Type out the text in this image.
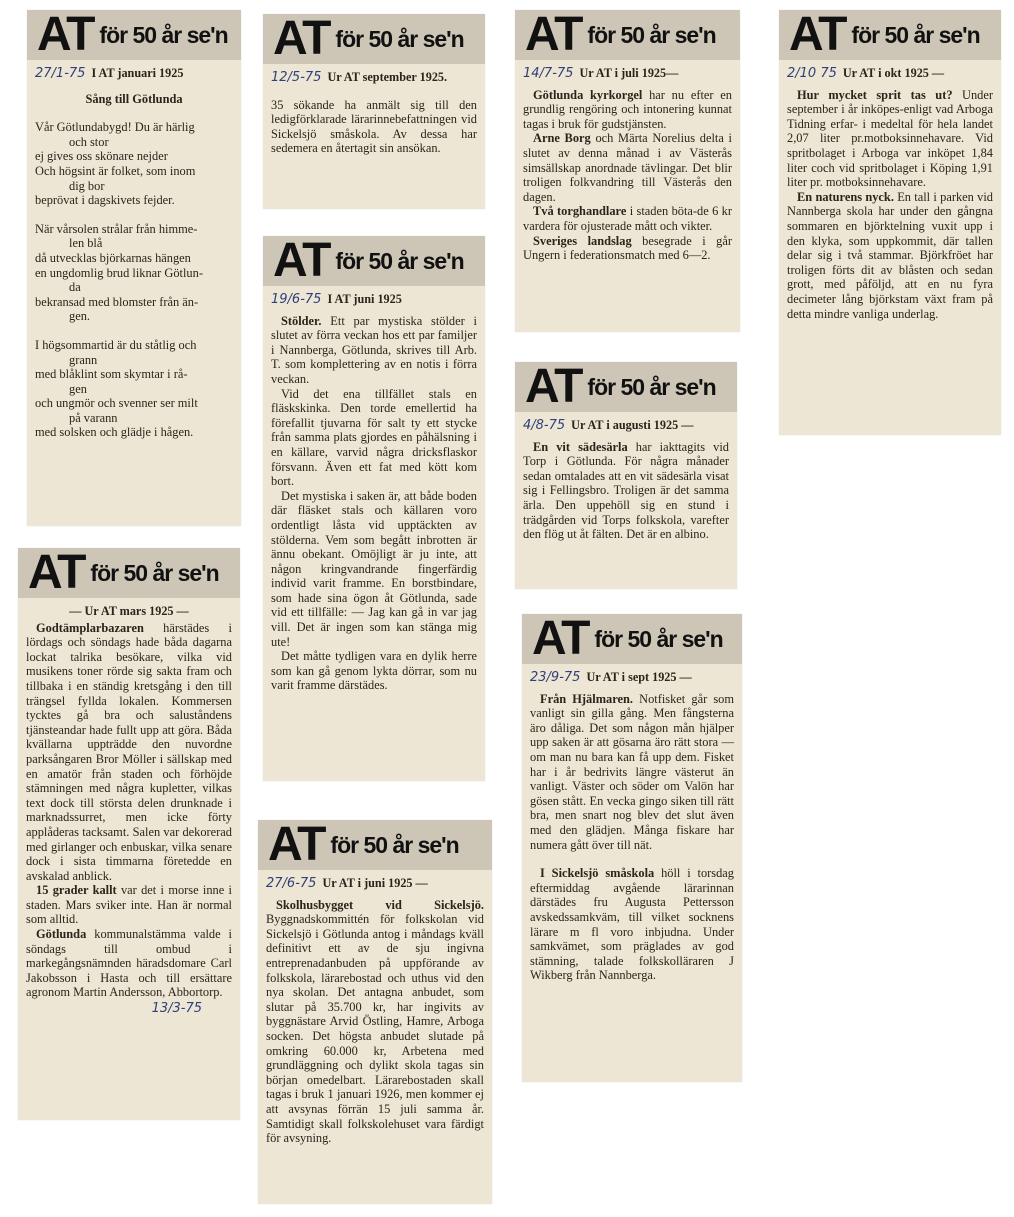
AT för 50 år se'n
27/1-75 I AT januari 1925
Sång till Götlunda
Vår Götlundabygd! Du är härlig
och stor
ej gives oss skönare nejder
Och högsint är folket, som inom
dig bor
beprövat i dagskivets fejder.
När vårsolen strålar från himme-
len blå
då utvecklas björkarnas hängen
en ungdomlig brud liknar Götlun-
da
bekransad med blomster från än-
gen.
I högsommartid är du ståtlig och
grann
med blåklint som skymtar i rå-
gen
och ungmör och svenner ser milt
på varann
med solsken och glädje i hågen.
AT för 50 år se'n
12/5-75 Ur AT september 1925.

35 sökande ha anmält sig till den ledigförklarade lärarinnebefattningen vid Sickelsjö småskola. Av dessa har sedemera en återtagit sin ansökan.

AT för 50 år se'n
14/7-75 Ur AT i juli 1925—

Götlunda kyrkorgel har nu efter en grundlig rengöring och intonering kunnat tagas i bruk för gudstjänsten.

Arne Borg och Märta Norelius delta i slutet av denna månad i av Västerås simsällskap anordnade tävlingar. Det blir troligen folkvandring till Västerås den dagen.

Två torghandlare i staden böta-de 6 kr vardera för ojusterade mått och vikter.

Sveriges landslag besegrade i går Ungern i federationsmatch med 6—2.

AT för 50 år se'n
2/10 75 Ur AT i okt 1925 —

Hur mycket sprit tas ut? Under september i år inköpes-enligt vad Arboga Tidning erfar- i medeltal för hela landet 2,07 liter pr.motboksinnehavare. Vid spritbolaget i Arboga var inköpet 1,84 liter coch vid spritbolaget i Köping 1,91 liter pr. motboksinnehavare.

En naturens nyck. En tall i parken vid Nannberga skola har under den gångna sommaren en björktelning vuxit upp i den klyka, som uppkommit, där tallen delar sig i två stammar. Björkfröet har troligen förts dit av blåsten och sedan grott, med påföljd, att en nu fyra decimeter lång björkstam växt fram på detta mindre vanliga underlag.

AT för 50 år se'n
19/6-75 I AT juni 1925

Stölder. Ett par mystiska stölder i slutet av förra veckan hos ett par familjer i Nannberga, Götlunda, skrives till Arb. T. som komplettering av en notis i förra veckan.

Vid det ena tillfället stals en fläskskinka. Den torde emellertid ha förefallit tjuvarna för salt ty ett stycke från samma plats gjordes en påhälsning i en källare, varvid några dricksflaskor försvann. Även ett fat med kött kom bort.

Det mystiska i saken är, att både boden där fläsket stals och källaren voro ordentligt låsta vid upptäckten av stölderna. Vem som begått inbrotten är ännu obekant. Omöjligt är ju inte, att någon kringvandrande fingerfärdig individ varit framme. En borstbindare, som hade sina ögon åt Götlunda, sade vid ett tillfälle: — Jag kan gå in var jag vill. Det är ingen som kan stänga mig ute!

Det måtte tydligen vara en dylik herre som kan gå genom lykta dörrar, som nu varit framme därstädes.

AT för 50 år se'n
4/8-75 Ur AT i augusti 1925 —

En vit sädesärla har iakttagits vid Torp i Götlunda. För några månader sedan omtalades att en vit sädesärla visat sig i Fellingsbro. Troligen är det samma ärla. Den uppehöll sig en stund i trädgården vid Torps folkskola, varefter den flög ut åt fälten. Det är en albino.

AT för 50 år se'n
— Ur AT mars 1925 —

Godtämplarbazaren härstädes i lördags och söndags hade båda dagarna lockat talrika besökare, vilka vid musikens toner rörde sig sakta fram och tillbaka i en ständig kretsgång i den till trängsel fyllda lokalen. Kommersen tycktes gå bra och saluståndens tjänsteandar hade fullt upp att göra. Båda kvällarna uppträdde den nuvordne parksångaren Bror Möller i sällskap med en amatör från staden och förhöjde stämningen med några kupletter, vilkas text dock till största delen drunknade i marknadssurret, men icke förty applåderas tacksamt. Salen var dekorerad med girlanger och enbuskar, vilka senare dock i sista timmarna företedde en avskalad anblick.

15 grader kallt var det i morse inne i staden. Mars sviker inte. Han är normal som alltid.

Götlunda kommunalstämma valde i söndags till ombud i markegångsnämnden häradsdomare Carl Jakobsson i Hasta och till ersättare agronom Martin Andersson, Abbortorp.

13/3-75
AT för 50 år se'n
23/9-75 Ur AT i sept 1925 —

Från Hjälmaren. Notfisket går som vanligt sin gilla gång. Men fångsterna äro dåliga. Det som någon mån hjälper upp saken är att gösarna äro rätt stora — om man nu bara kan få upp dem. Fisket har i år bedrivits längre västerut än vanligt. Väster och söder om Valön har gösen stått. En vecka gingo siken till rätt bra, men snart nog blev det slut även med den glädjen. Många fiskare har numera gått över till nät.

I Sickelsjö småskola höll i torsdag eftermiddag avgående lärarinnan därstädes fru Augusta Pettersson avskedssamkväm, till vilket socknens lärare m fl voro inbjudna. Under samkvämet, som präglades av god stämning, talade folkskolläraren J Wikberg från Nannberga.

AT för 50 år se'n
27/6-75 Ur AT i juni 1925 —

Skolhusbygget vid Sickelsjö. Byggnadskommittén för folkskolan vid Sickelsjö i Götlunda antog i måndags kväll definitivt ett av de sju ingivna entreprenadanbuden på uppförande av folkskola, lärarebostad och uthus vid den nya skolan. Det antagna anbudet, som slutar på 35.700 kr, har ingivits av byggnästare Arvid Östling, Hamre, Arboga socken. Det högsta anbudet slutade på omkring 60.000 kr, Arbetena med grundläggning och dylikt skola tagas sin början omedelbart. Lärarebostaden skall tagas i bruk 1 januari 1926, men kommer ej att avsynas förrän 15 juli samma år. Samtidigt skall folkskolehuset vara färdigt för avsyning.
